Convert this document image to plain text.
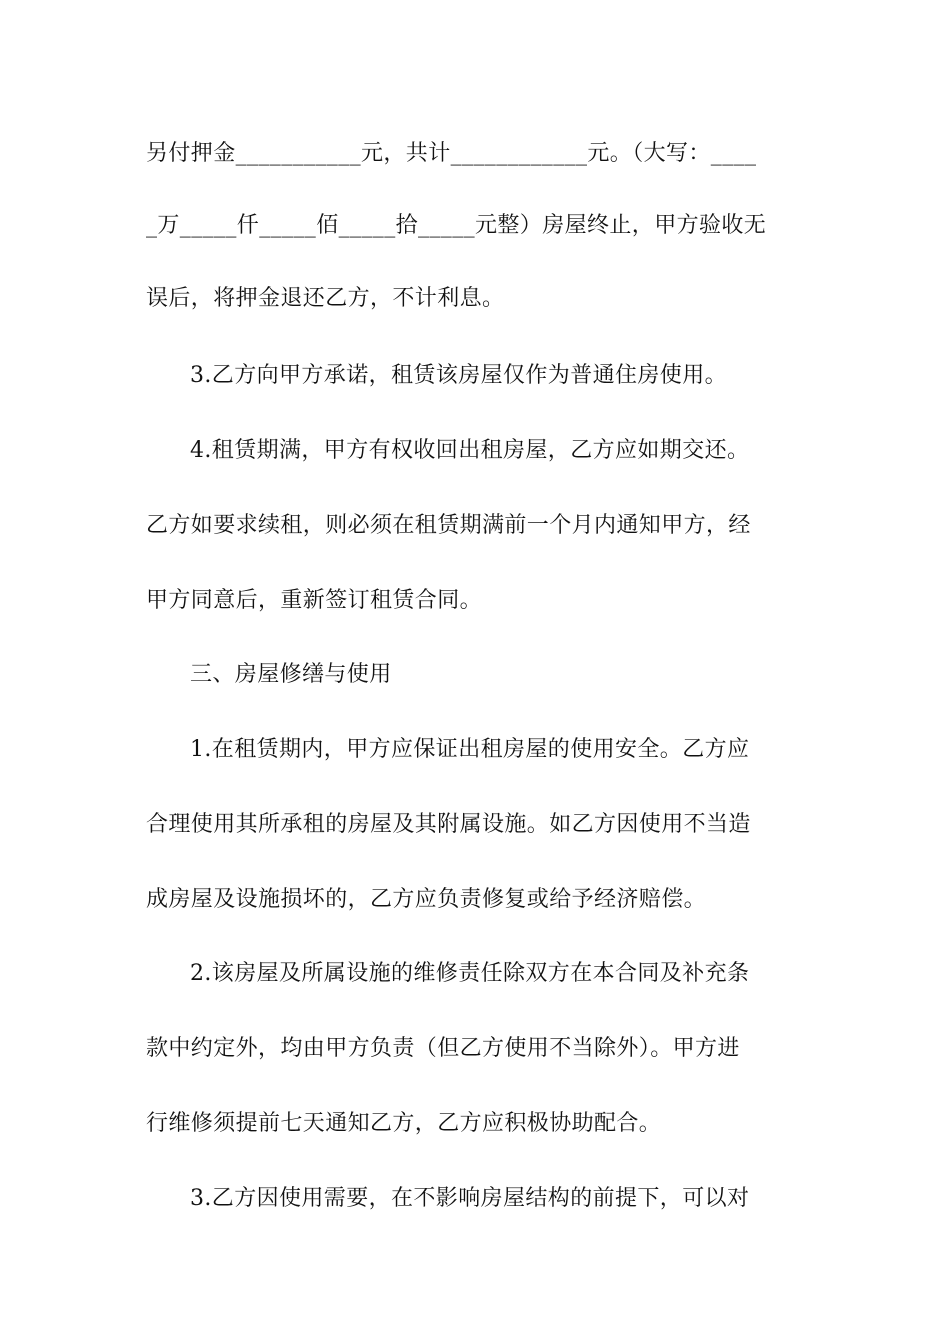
另付押金___________元，共计____________元。（大写：____
_万_____仟_____佰_____拾_____元整）房屋终止，甲方验收无
误后，将押金退还乙方，不计利息。
3.乙方向甲方承诺，租赁该房屋仅作为普通住房使用。
4.租赁期满，甲方有权收回出租房屋，乙方应如期交还。
乙方如要求续租，则必须在租赁期满前一个月内通知甲方，经
甲方同意后，重新签订租赁合同。
三、房屋修缮与使用
1.在租赁期内，甲方应保证出租房屋的使用安全。乙方应
合理使用其所承租的房屋及其附属设施。如乙方因使用不当造
成房屋及设施损坏的，乙方应负责修复或给予经济赔偿。
2.该房屋及所属设施的维修责任除双方在本合同及补充条
款中约定外，均由甲方负责（但乙方使用不当除外）。甲方进
行维修须提前七天通知乙方，乙方应积极协助配合。
3.乙方因使用需要，在不影响房屋结构的前提下，可以对
